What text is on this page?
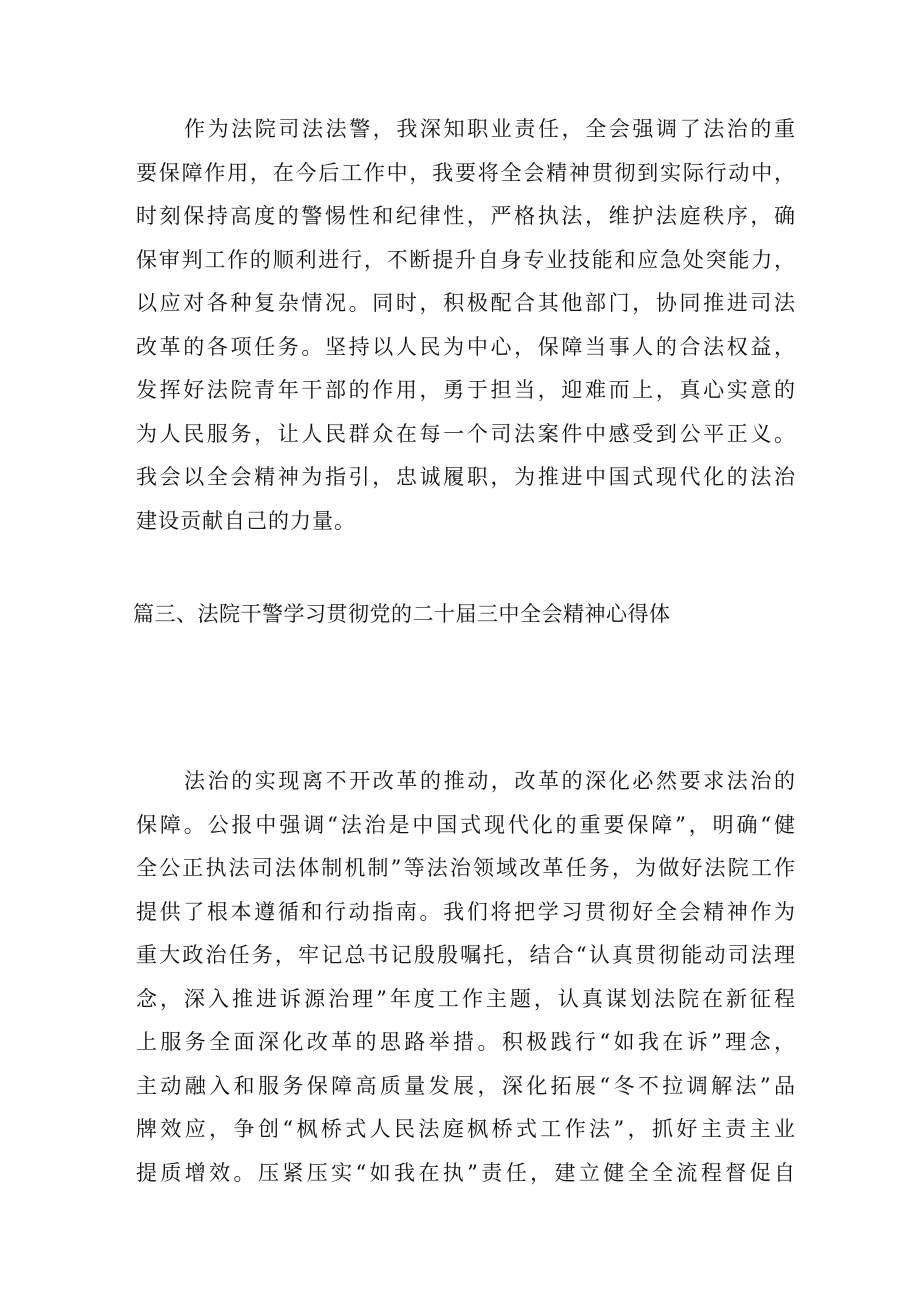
作为法院司法法警，我深知职业责任，全会强调了法治的重
要保障作用，在今后工作中，我要将全会精神贯彻到实际行动中，
时刻保持高度的警惕性和纪律性，严格执法，维护法庭秩序，确
保审判工作的顺利进行，不断提升自身专业技能和应急处突能力，
以应对各种复杂情况。同时，积极配合其他部门，协同推进司法
改革的各项任务。坚持以人民为中心，保障当事人的合法权益，
发挥好法院青年干部的作用，勇于担当，迎难而上，真心实意的
为人民服务，让人民群众在每一个司法案件中感受到公平正义。
我会以全会精神为指引，忠诚履职，为推进中国式现代化的法治
建设贡献自己的力量。

篇三、法院干警学习贯彻党的二十届三中全会精神心得体

法治的实现离不开改革的推动，改革的深化必然要求法治的
保障。公报中强调“法治是中国式现代化的重要保障”，明确“健
全公正执法司法体制机制”等法治领域改革任务，为做好法院工作
提供了根本遵循和行动指南。我们将把学习贯彻好全会精神作为
重大政治任务，牢记总书记殷殷嘱托，结合“认真贯彻能动司法理
念，深入推进诉源治理”年度工作主题，认真谋划法院在新征程
上服务全面深化改革的思路举措。积极践行“如我在诉”理念，
主动融入和服务保障高质量发展，深化拓展“冬不拉调解法”品
牌效应，争创“枫桥式人民法庭枫桥式工作法”，抓好主责主业
提质增效。压紧压实“如我在执”责任，建立健全全流程督促自
